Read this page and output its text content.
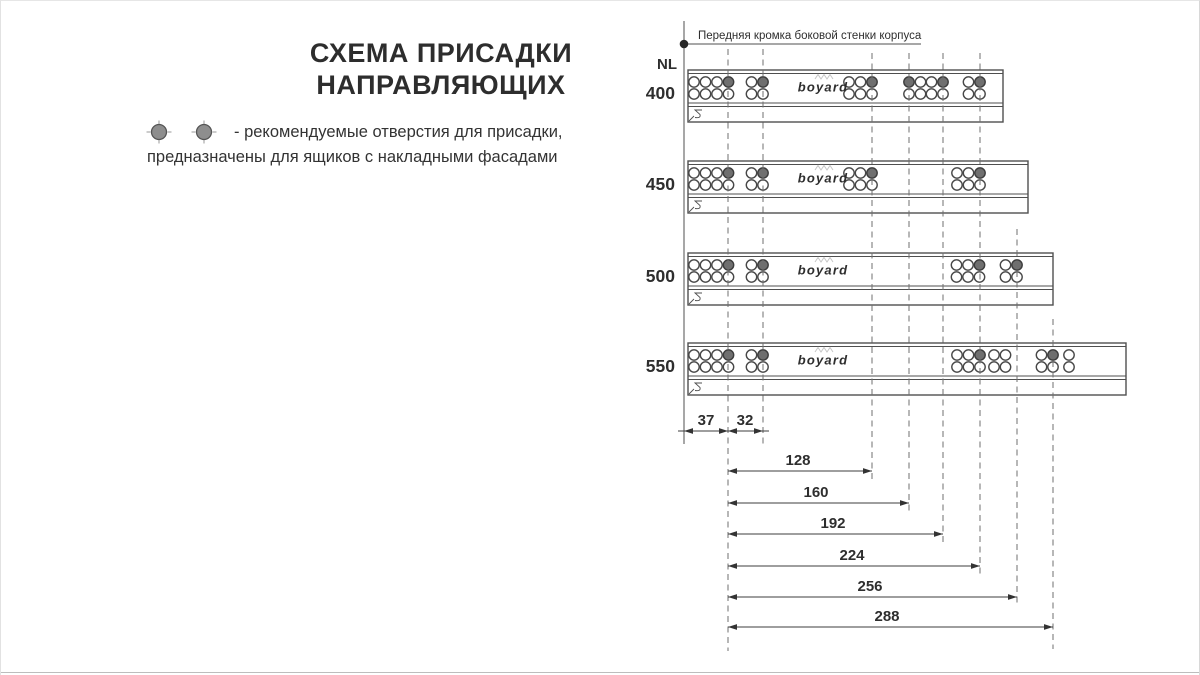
Передняя кромка боковой стенки корпуса
NL
400	boyard
450	boyard
500	boyard
550	boyard
37 32
128
160
192
224
256
288
СХЕМА ПРИСАДКИ
НАПРАВЛЯЮЩИХ
- рекомендуемые отверстия для присадки,
предназначены для ящиков с накладными фасадами
